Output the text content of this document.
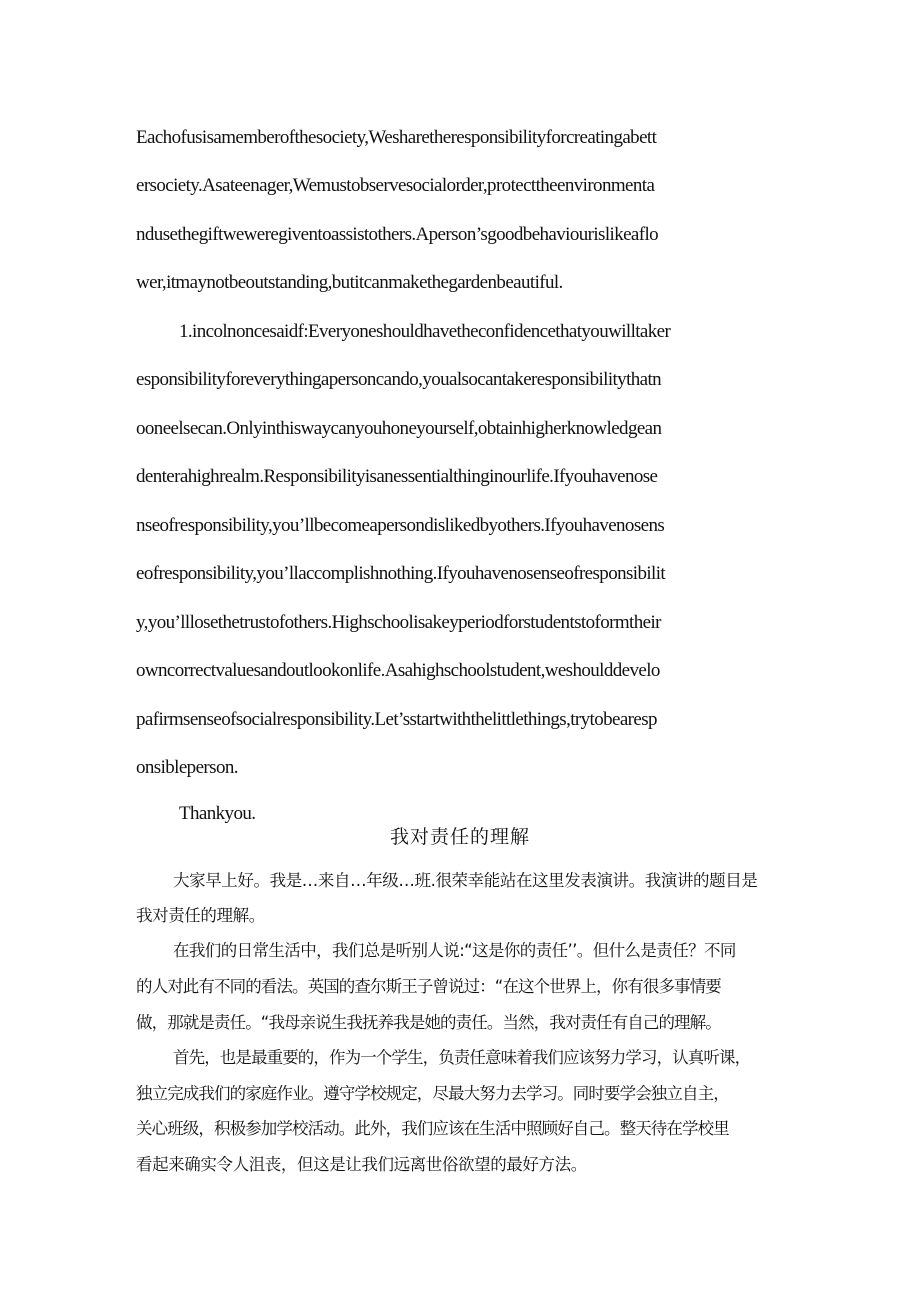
Eachofusisamemberofthesociety,Wesharetheresponsibilityforcreatingabett
ersociety.Asateenager,Wemustobservesocialorder,protecttheenvironmenta
ndusethegiftweweregiventoassistothers.Aperson’sgoodbehaviourislikeaflo
wer,itmaynotbeoutstanding,butitcanmakethegardenbeautiful.
1.incolnoncesaidf:Everyoneshouldhavetheconfidencethatyouwilltaker
esponsibilityforeverythingapersoncando,youalsocantakeresponsibilitythatn
ooneelsecan.Onlyinthiswaycanyouhoneyourself,obtainhigherknowledgean
denterahighrealm.Responsibilityisanessentialthinginourlife.Ifyouhavenose
nseofresponsibility,you’llbecomeapersondislikedbyothers.Ifyouhavenosens
eofresponsibility,you’llaccomplishnothing.Ifyouhavenosenseofresponsibilit
y,you’lllosethetrustofothers.Highschoolisakeyperiodforstudentstoformtheir
owncorrectvaluesandoutlookonlife.Asahighschoolstudent,weshoulddevelo
pafirmsenseofsocialresponsibility.Let’sstartwiththelittlethings,trytobearesp
onsibleperson.
Thankyou.
我对责任的理解
大家早上好。我是…来自…年级…班.很荣幸能站在这里发表演讲。我演讲的题目是
我对责任的理解。
在我们的日常生活中，我们总是听别人说:“这是你的责任’’。但什么是责任？不同
的人对此有不同的看法。英国的查尔斯王子曾说过：“在这个世界上，你有很多事情要
做，那就是责任。“我母亲说生我抚养我是她的责任。当然，我对责任有自己的理解。
首先，也是最重要的，作为一个学生，负责任意味着我们应该努力学习，认真听课，
独立完成我们的家庭作业。遵守学校规定，尽最大努力去学习。同时要学会独立自主，
关心班级，积极参加学校活动。此外，我们应该在生活中照顾好自己。整天待在学校里
看起来确实令人沮丧，但这是让我们远离世俗欲望的最好方法。
